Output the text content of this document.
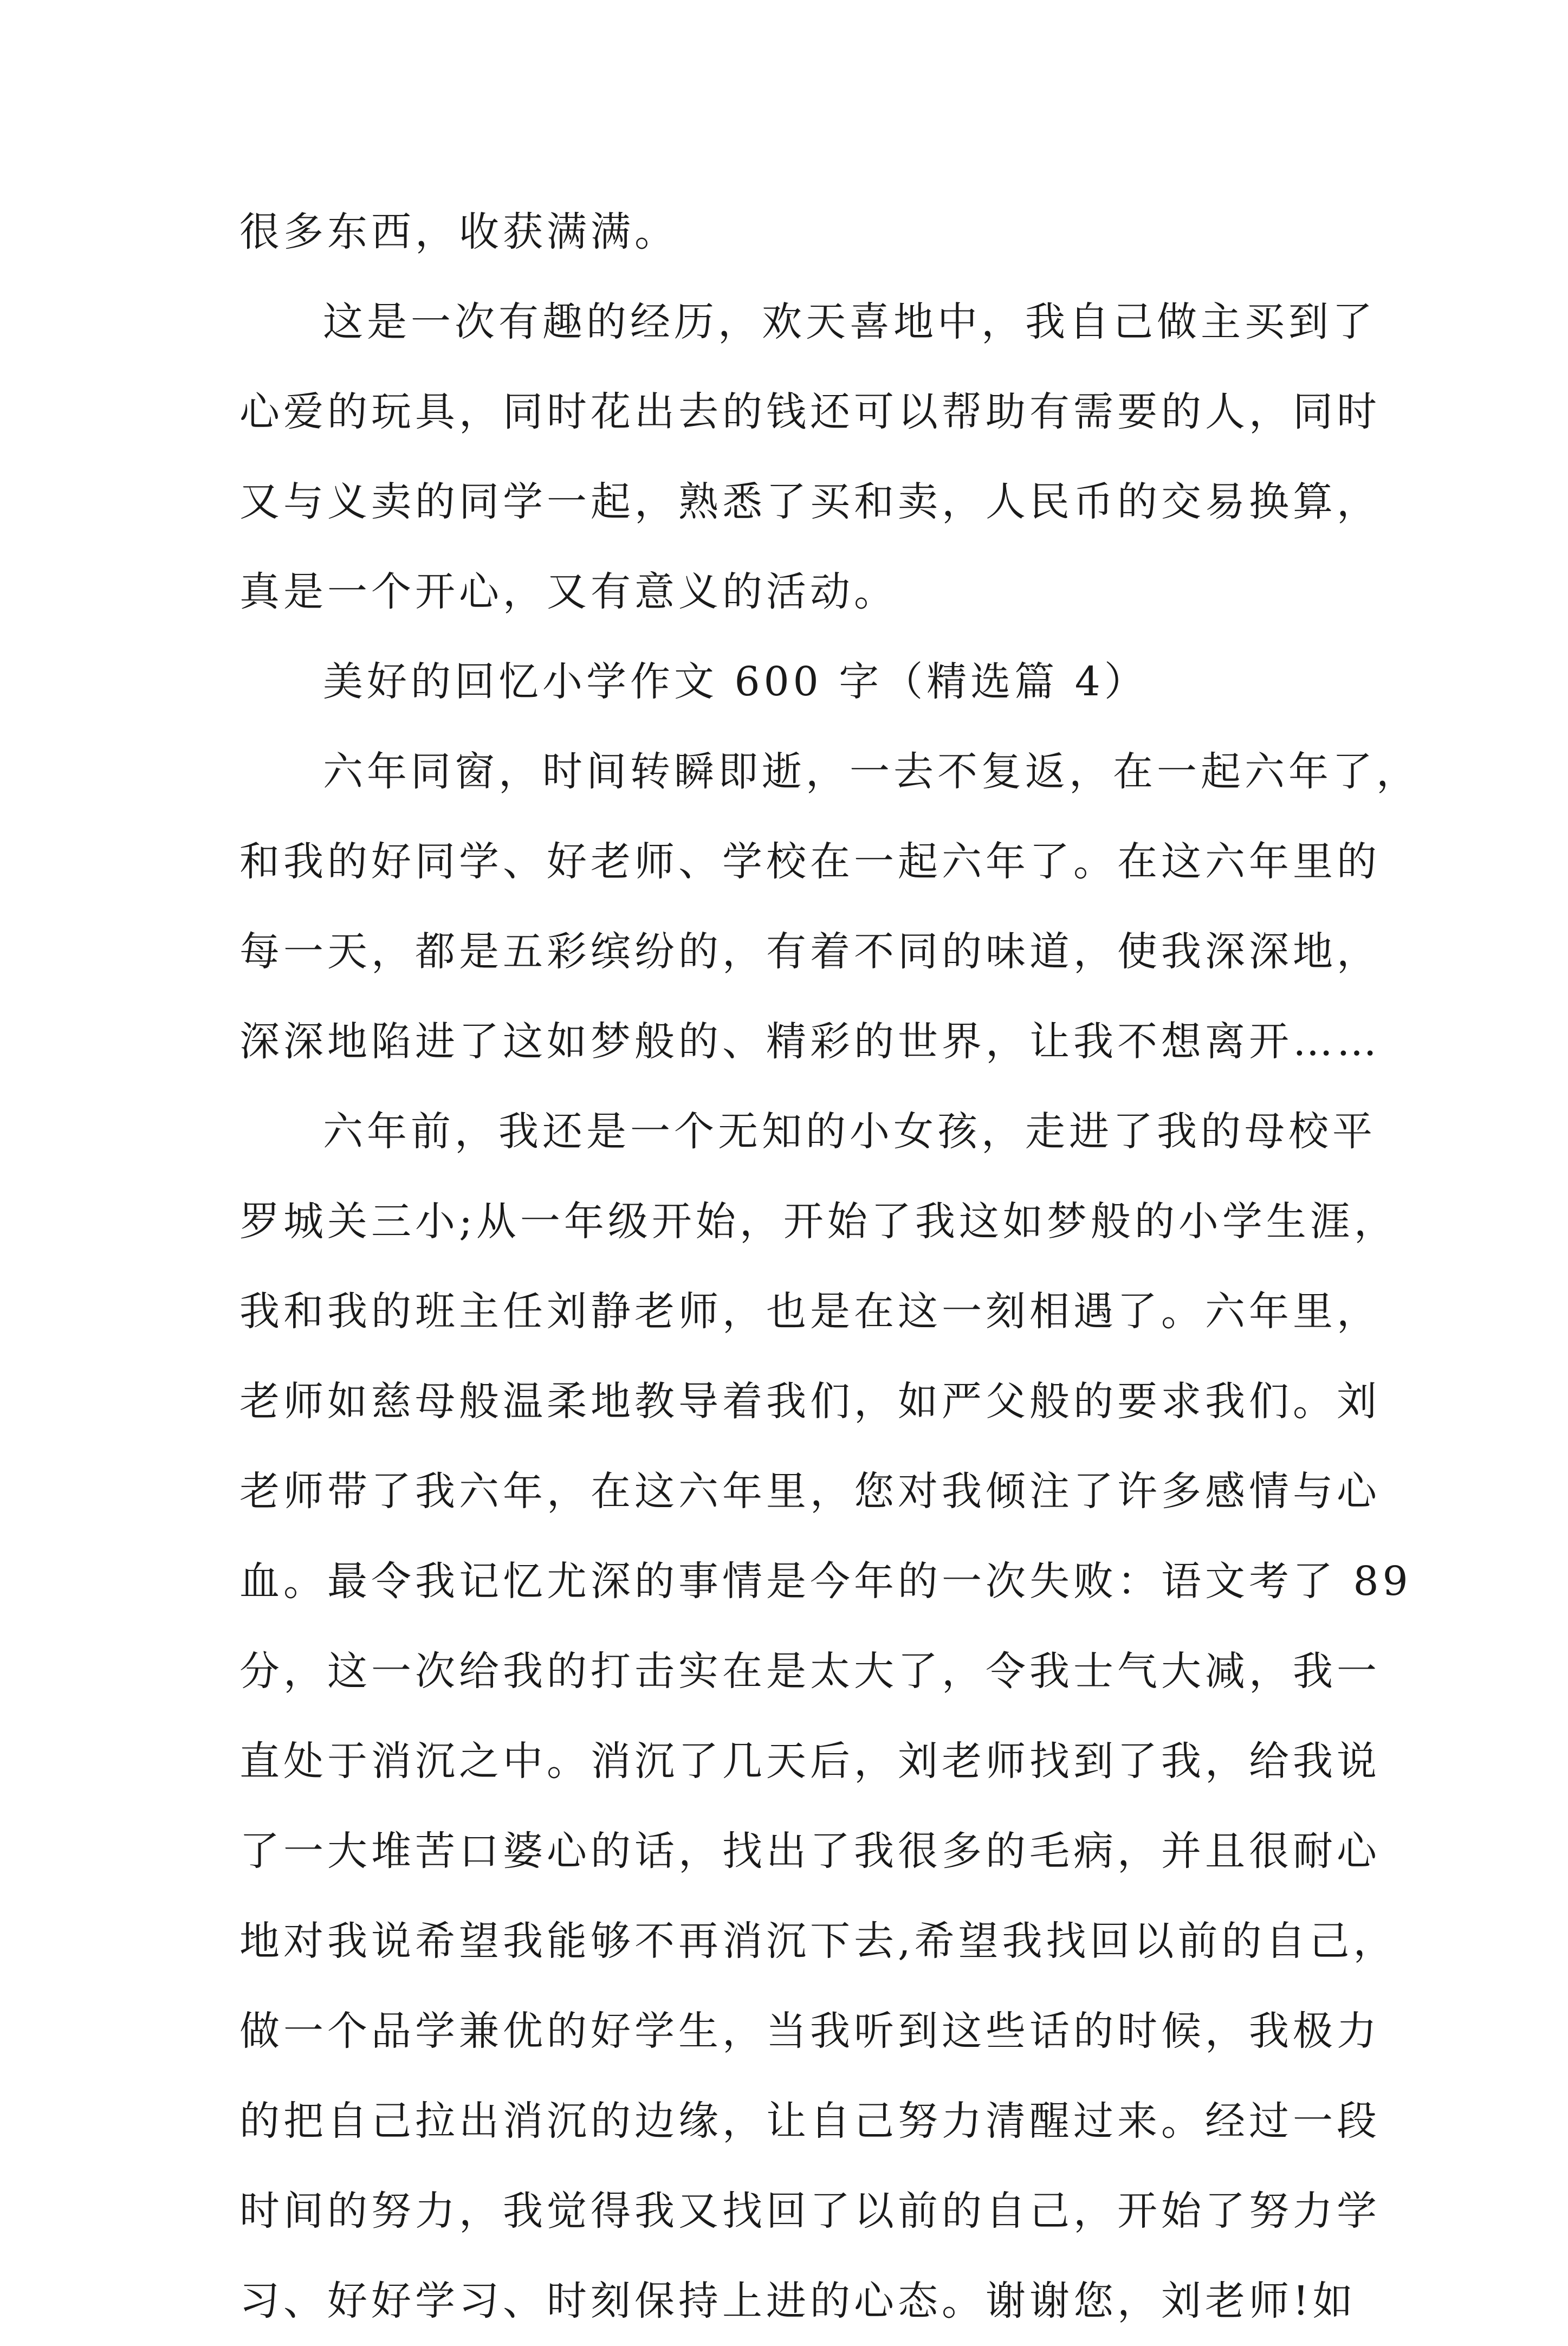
很多东西，收获满满。
这是一次有趣的经历，欢天喜地中，我自己做主买到了
心爱的玩具，同时花出去的钱还可以帮助有需要的人，同时
又与义卖的同学一起，熟悉了买和卖，人民币的交易换算，
真是一个开心，又有意义的活动。
美好的回忆小学作文 600 字（精选篇 4）
六年同窗，时间转瞬即逝，一去不复返，在一起六年了，
和我的好同学、好老师、学校在一起六年了。在这六年里的
每一天，都是五彩缤纷的，有着不同的味道，使我深深地，
深深地陷进了这如梦般的、精彩的世界，让我不想离开……
六年前，我还是一个无知的小女孩，走进了我的母校平
罗城关三小;从一年级开始，开始了我这如梦般的小学生涯，
我和我的班主任刘静老师，也是在这一刻相遇了。六年里，
老师如慈母般温柔地教导着我们，如严父般的要求我们。刘
老师带了我六年，在这六年里，您对我倾注了许多感情与心
血。最令我记忆尤深的事情是今年的一次失败：语文考了 89
分，这一次给我的打击实在是太大了，令我士气大减，我一
直处于消沉之中。消沉了几天后，刘老师找到了我，给我说
了一大堆苦口婆心的话，找出了我很多的毛病，并且很耐心
地对我说希望我能够不再消沉下去,希望我找回以前的自己，
做一个品学兼优的好学生，当我听到这些话的时候，我极力
的把自己拉出消沉的边缘，让自己努力清醒过来。经过一段
时间的努力，我觉得我又找回了以前的自己，开始了努力学
习、好好学习、时刻保持上进的心态。谢谢您，刘老师!如
